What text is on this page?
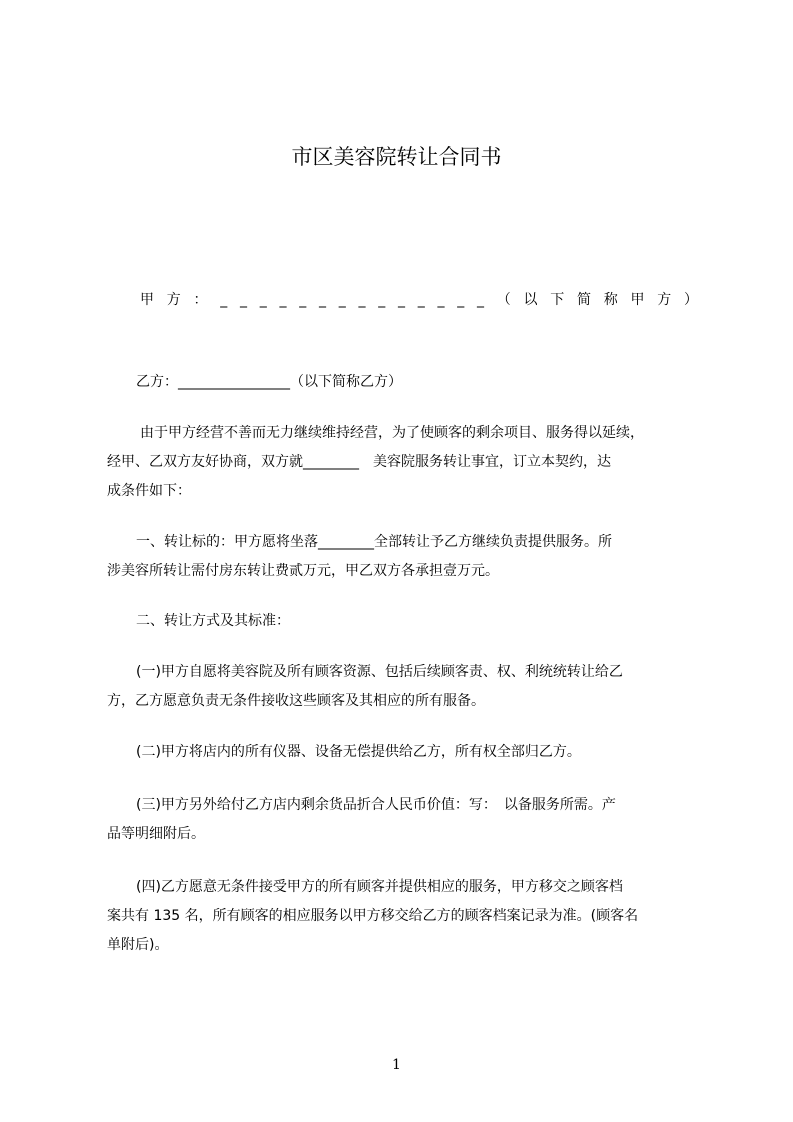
市区美容院转让合同书
甲 方 ： _ _ _ _ _ _ _ _ _ _ _ _ _ _ （ 以 下 简 称 甲 方 ）
乙方：________________（以下简称乙方）
由于甲方经营不善而无力继续维持经营，为了使顾客的剩余项目、服务得以延续，
经甲、乙双方友好协商，双方就________　美容院服务转让事宜，订立本契约，达
成条件如下：
一、转让标的：甲方愿将坐落________全部转让予乙方继续负责提供服务。所
涉美容所转让需付房东转让费贰万元，甲乙双方各承担壹万元。
二、转让方式及其标准：
(一)甲方自愿将美容院及所有顾客资源、包括后续顾客责、权、利统统转让给乙
方，乙方愿意负责无条件接收这些顾客及其相应的所有服备。
(二)甲方将店内的所有仪器、设备无偿提供给乙方，所有权全部归乙方。
(三)甲方另外给付乙方店内剩余货品折合人民币价值：写：　以备服务所需。产
品等明细附后。
(四)乙方愿意无条件接受甲方的所有顾客并提供相应的服务，甲方移交之顾客档
案共有 135 名，所有顾客的相应服务以甲方移交给乙方的顾客档案记录为准。(顾客名
单附后)。
1
